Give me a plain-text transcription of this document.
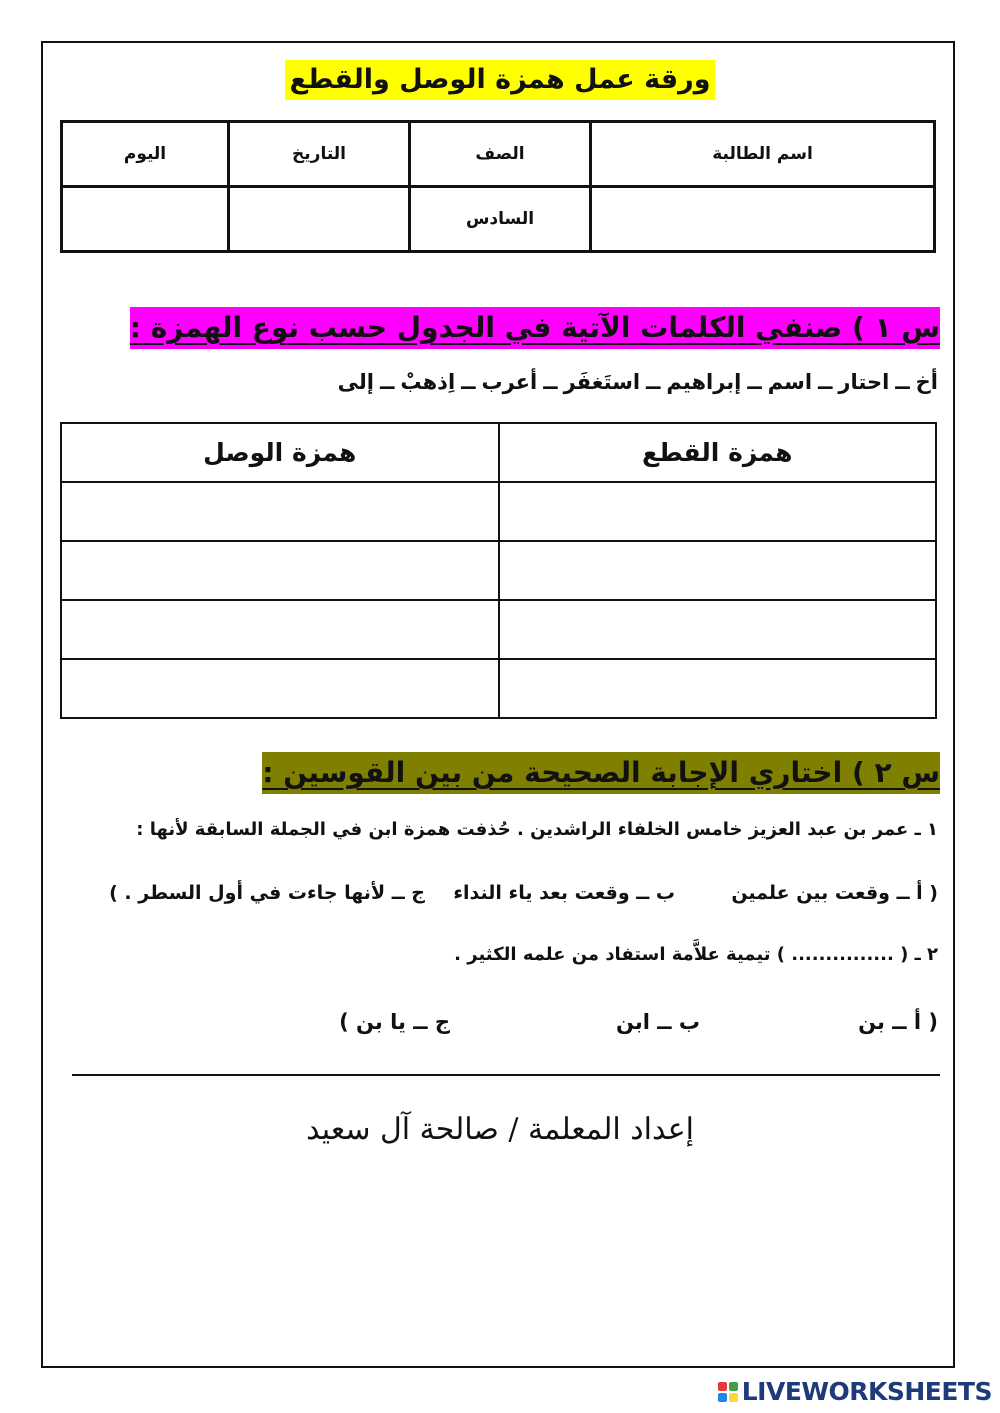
ورقة عمل همزة الوصل والقطع
اسم الطالبة	الصف	التاريخ	اليوم
	السادس		
س ١ ) صنفي الكلمات الآتية في الجدول حسب نوع الهمزة :
أخــاحتارــاسمــإبراهيمــاستَغفَرــأعربــاِذهبْــإلى
همزة القطع	همزة الوصل

س ٢ ) اختاري الإجابة الصحيحة من بين القوسين :
١ ـ عمر بن عبد العزيز خامس الخلفاء الراشدين . حُذفت همزة ابن في الجملة السابقة لأنها :
( أ ــ وقعت بين علمين
ب ــ وقعت بعد ياء النداء
ج ــ لأنها جاءت في أول السطر . )
٢ ـ ( ............... ) تيمية علاَّمة استفاد من علمه الكثير .
( أ ــ بن
ب ــ ابن
ج ــ يا بن )
إعداد المعلمة / صالحة آل سعيد
LIVEWORKSHEETS
